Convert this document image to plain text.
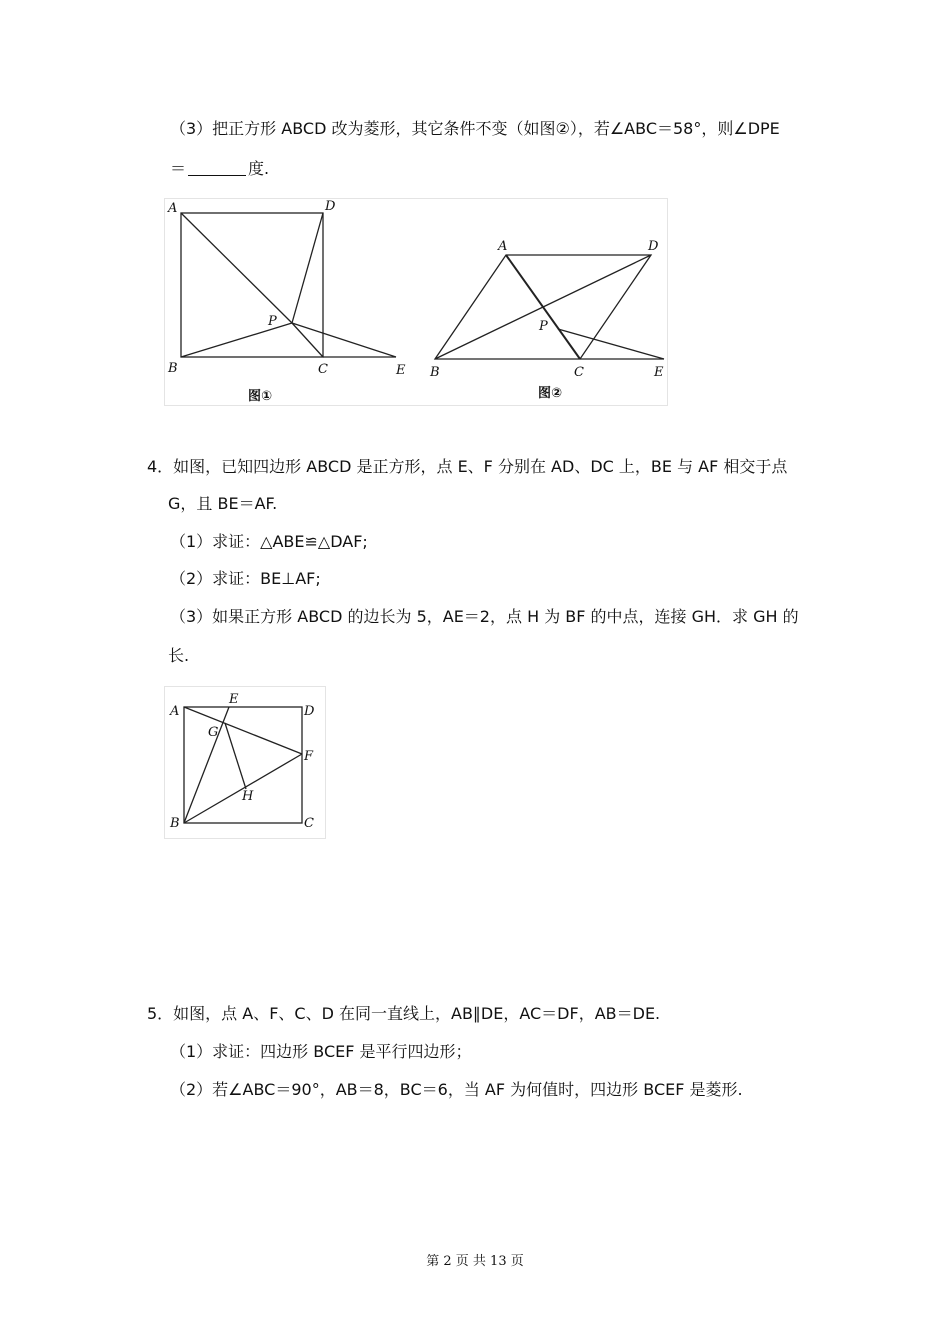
（3）把正方形 ABCD 改为菱形，其它条件不变（如图②），若∠ABC＝58°，则∠DPE
＝	度.
A	D
P
B	C	E
图①
A	D
P
B	C	E
图②
4．如图，已知四边形 ABCD 是正方形，点 E、F 分别在 AD、DC 上，BE 与 AF 相交于点
G，且 BE＝AF.
（1）求证：△ABE≌△DAF;
（2）求证：BE⊥AF;
（3）如果正方形 ABCD 的边长为 5，AE＝2，点 H 为 BF 的中点，连接 GH．求 GH 的
长.
A
E
D
G
F
H
B	C
5．如图，点 A、F、C、D 在同一直线上，AB∥DE，AC＝DF，AB＝DE.
（1）求证：四边形 BCEF 是平行四边形；
（2）若∠ABC＝90°，AB＝8，BC＝6，当 AF 为何值时，四边形 BCEF 是菱形.
第 2 页 共 13 页
